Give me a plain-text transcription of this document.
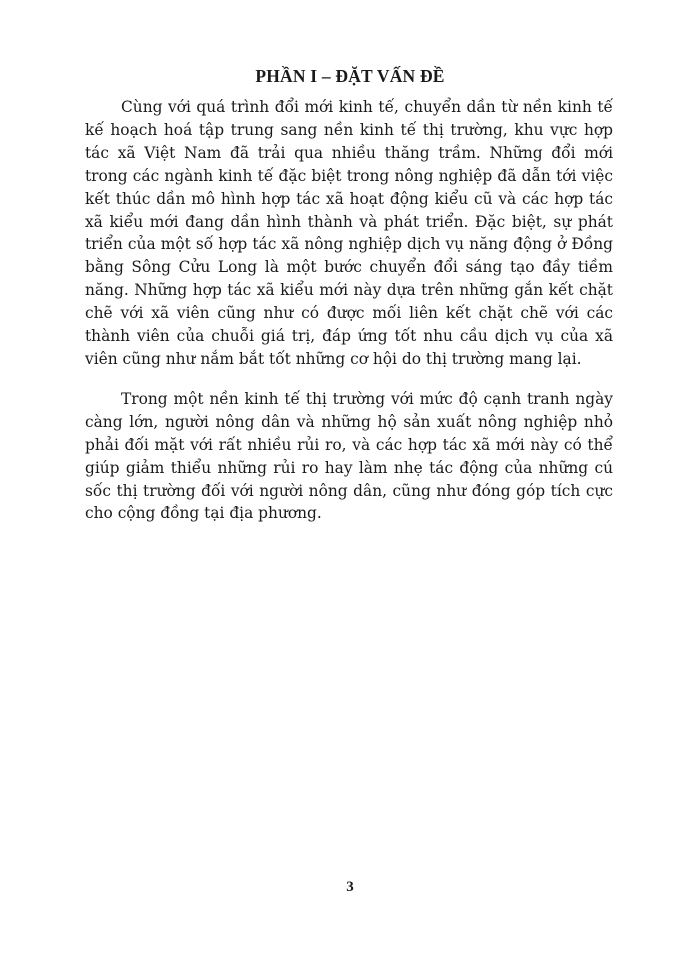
PHẦN I – ĐẶT VẤN ĐỀ

Cùng với quá trình đổi mới kinh tế, chuyển dần từ nền kinh tế kế hoạch hoá tập trung sang nền kinh tế thị trường, khu vực hợp tác xã Việt Nam đã trải qua nhiều thăng trầm. Những đổi mới trong các ngành kinh tế đặc biệt trong nông nghiệp đã dẫn tới việc kết thúc dần mô hình hợp tác xã hoạt động kiểu cũ và các hợp tác xã kiểu mới đang dần hình thành và phát triển. Đặc biệt, sự phát triển của một số hợp tác xã nông nghiệp dịch vụ năng động ở Đồng bằng Sông Cửu Long là một bước chuyển đổi sáng tạo đầy tiềm năng. Những hợp tác xã kiểu mới này dựa trên những gắn kết chặt chẽ với xã viên cũng như có được mối liên kết chặt chẽ với các thành viên của chuỗi giá trị, đáp ứng tốt nhu cầu dịch vụ của xã viên cũng như nắm bắt tốt những cơ hội do thị trường mang lại.

Trong một nền kinh tế thị trường với mức độ cạnh tranh ngày càng lớn, người nông dân và những hộ sản xuất nông nghiệp nhỏ phải đối mặt với rất nhiều rủi ro, và các hợp tác xã mới này có thể giúp giảm thiểu những rủi ro hay làm nhẹ tác động của những cú sốc thị trường đối với người nông dân, cũng như đóng góp tích cực cho cộng đồng tại địa phương.

3
